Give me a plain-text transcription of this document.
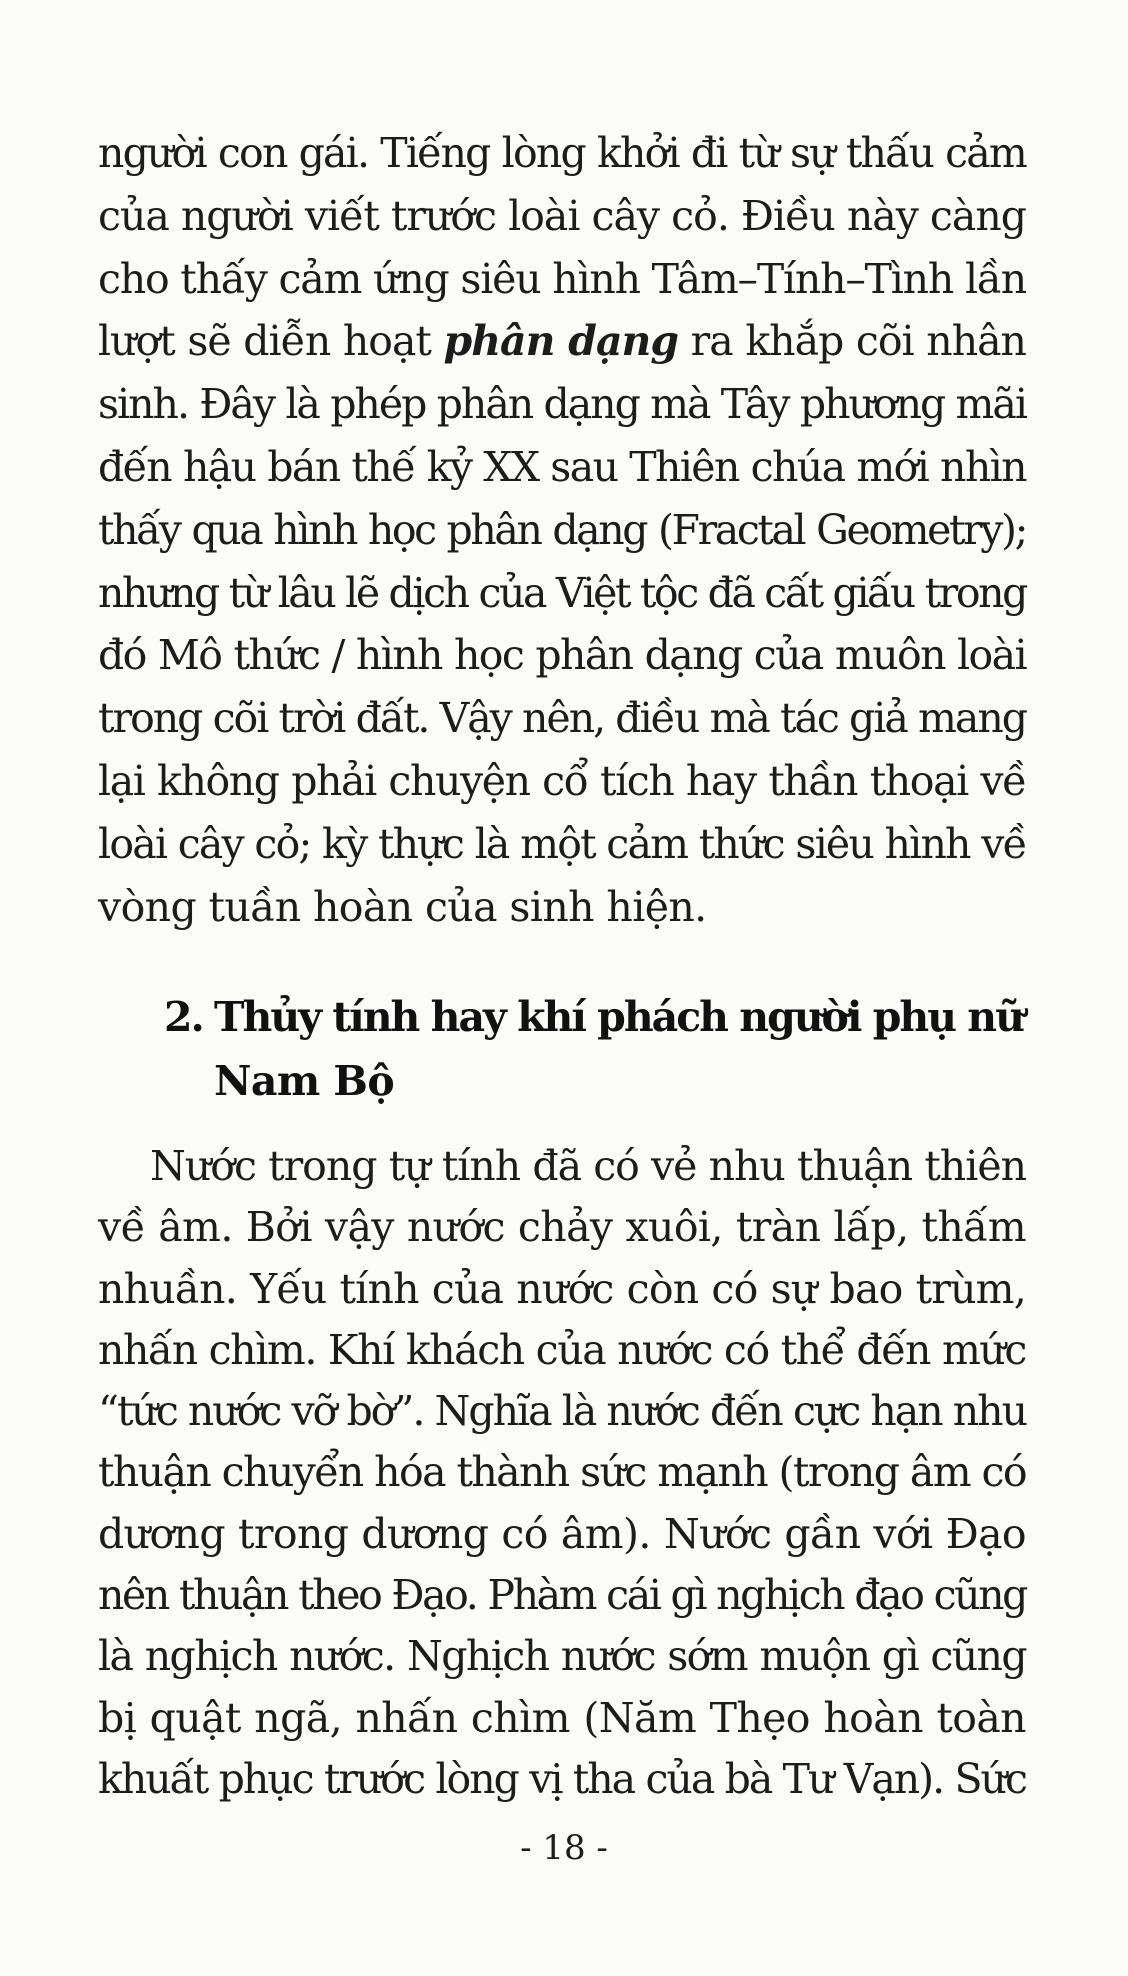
người con gái. Tiếng lòng khởi đi từ sự thấu cảm
của người viết trước loài cây cỏ. Điều này càng
cho thấy cảm ứng siêu hình Tâm–Tính–Tình lần
lượt sẽ diễn hoạt phân dạng ra khắp cõi nhân
sinh. Đây là phép phân dạng mà Tây phương mãi
đến hậu bán thế kỷ XX sau Thiên chúa mới nhìn
thấy qua hình học phân dạng (Fractal Geometry);
nhưng từ lâu lẽ dịch của Việt tộc đã cất giấu trong
đó Mô thức / hình học phân dạng của muôn loài
trong cõi trời đất. Vậy nên, điều mà tác giả mang
lại không phải chuyện cổ tích hay thần thoại về
loài cây cỏ; kỳ thực là một cảm thức siêu hình về
vòng tuần hoàn của sinh hiện.

2. Thủy tính hay khí phách người phụ nữ
Nam Bộ
Nước trong tự tính đã có vẻ nhu thuận thiên
về âm. Bởi vậy nước chảy xuôi, tràn lấp, thấm
nhuần. Yếu tính của nước còn có sự bao trùm,
nhấn chìm. Khí khách của nước có thể đến mức
“tức nước vỡ bờ”. Nghĩa là nước đến cực hạn nhu
thuận chuyển hóa thành sức mạnh (trong âm có
dương trong dương có âm). Nước gần với Đạo
nên thuận theo Đạo. Phàm cái gì nghịch đạo cũng
là nghịch nước. Nghịch nước sớm muộn gì cũng
bị quật ngã, nhấn chìm (Năm Thẹo hoàn toàn
khuất phục trước lòng vị tha của bà Tư Vạn). Sức
- 18 -
